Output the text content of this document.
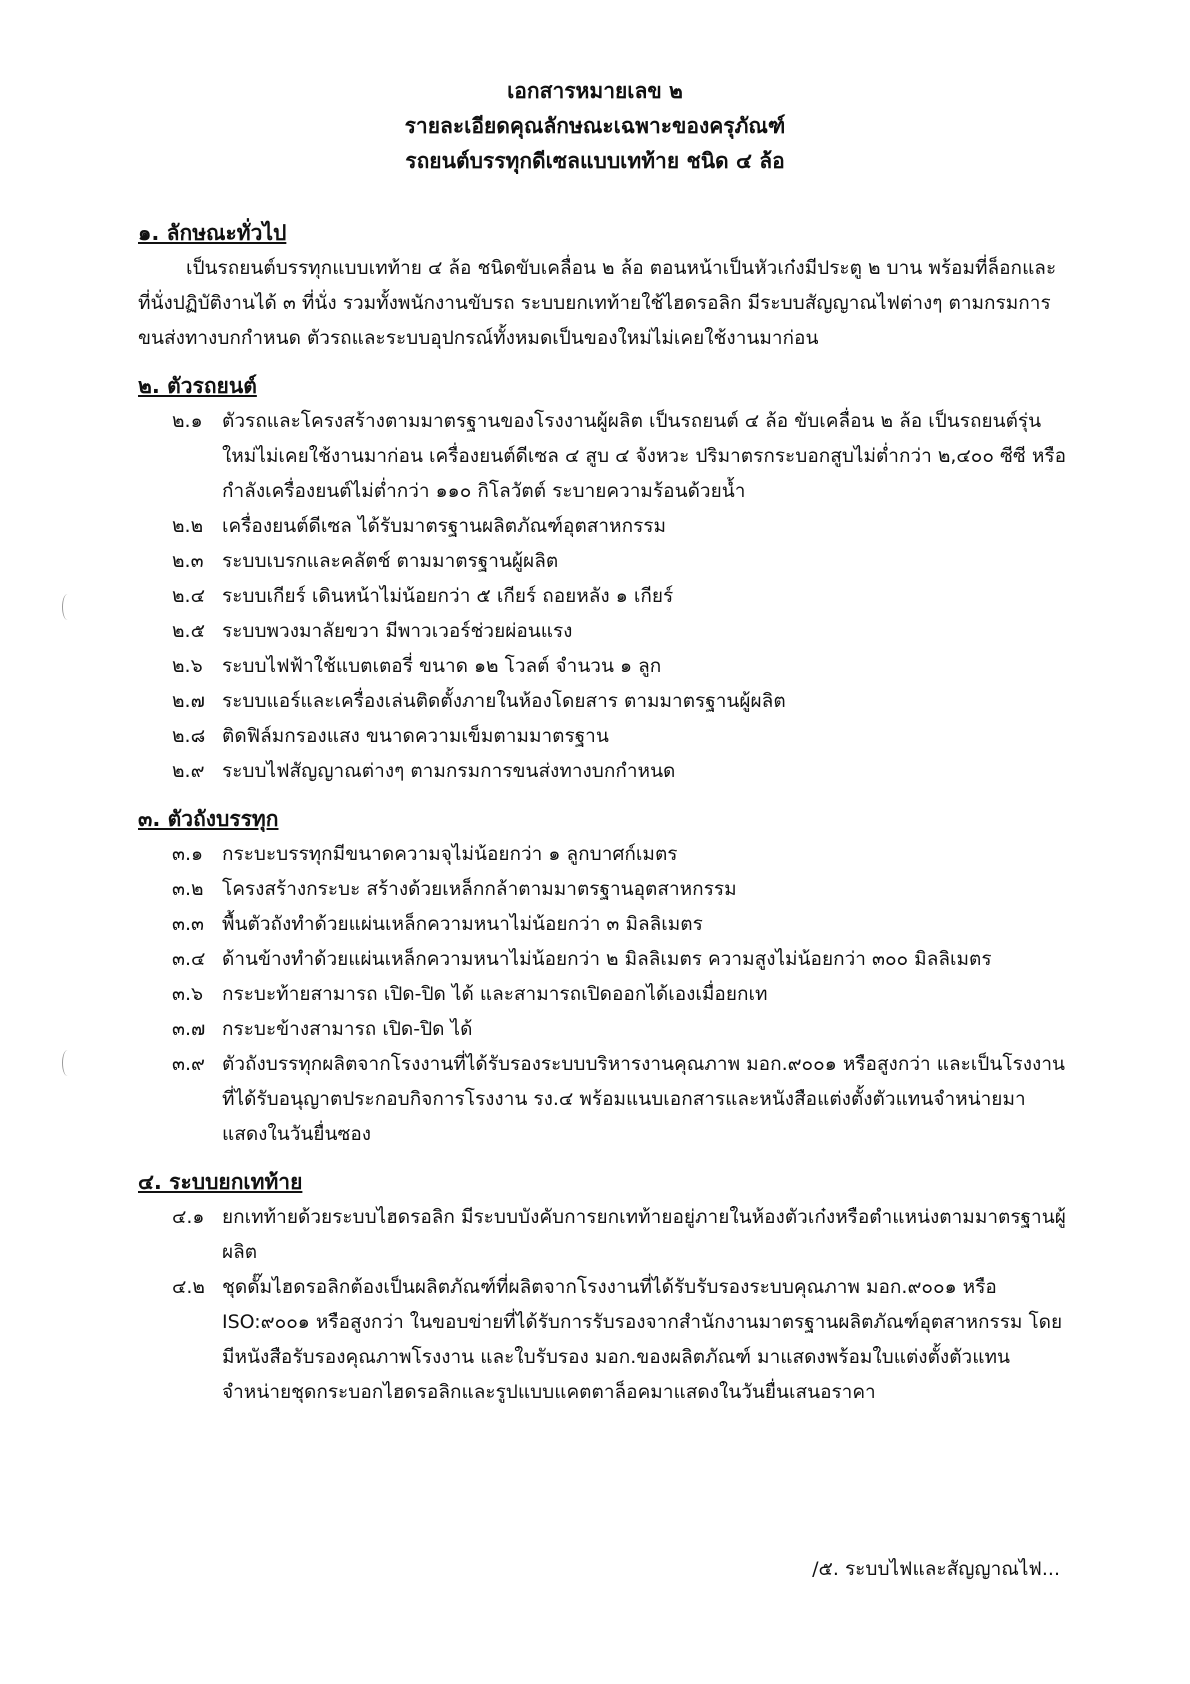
เอกสารหมายเลข ๒
รายละเอียดคุณลักษณะเฉพาะของครุภัณฑ์
รถยนต์บรรทุกดีเซลแบบเทท้าย ชนิด ๔ ล้อ
๑. ลักษณะทั่วไป
เป็นรถยนต์บรรทุกแบบเทท้าย ๔ ล้อ ชนิดขับเคลื่อน ๒ ล้อ ตอนหน้าเป็นหัวเก๋งมีประตู ๒ บาน พร้อมที่ล็อกและที่นั่งปฏิบัติงานได้ ๓ ที่นั่ง รวมทั้งพนักงานขับรถ ระบบยกเทท้ายใช้ไฮดรอลิก มีระบบสัญญาณไฟต่างๆ ตามกรมการขนส่งทางบกกำหนด ตัวรถและระบบอุปกรณ์ทั้งหมดเป็นของใหม่ไม่เคยใช้งานมาก่อน
๒. ตัวรถยนต์
๒.๑	ตัวรถและโครงสร้างตามมาตรฐานของโรงงานผู้ผลิต เป็นรถยนต์ ๔ ล้อ ขับเคลื่อน ๒ ล้อ เป็นรถยนต์รุ่นใหม่ไม่เคยใช้งานมาก่อน เครื่องยนต์ดีเซล ๔ สูบ ๔ จังหวะ ปริมาตรกระบอกสูบไม่ต่ำกว่า ๒,๔๐๐ ซีซี หรือกำลังเครื่องยนต์ไม่ต่ำกว่า ๑๑๐ กิโลวัตต์ ระบายความร้อนด้วยน้ำ
๒.๒ เครื่องยนต์ดีเซล ได้รับมาตรฐานผลิตภัณฑ์อุตสาหกรรม
๒.๓ ระบบเบรกและคลัตช์ ตามมาตรฐานผู้ผลิต
๒.๔ ระบบเกียร์ เดินหน้าไม่น้อยกว่า ๕ เกียร์ ถอยหลัง ๑ เกียร์
๒.๕ ระบบพวงมาลัยขวา มีพาวเวอร์ช่วยผ่อนแรง
๒.๖	ระบบไฟฟ้าใช้แบตเตอรี่ ขนาด ๑๒ โวลต์ จำนวน ๑ ลูก
๒.๗ ระบบแอร์และเครื่องเล่นติดตั้งภายในห้องโดยสาร ตามมาตรฐานผู้ผลิต
๒.๘ ติดฟิล์มกรองแสง ขนาดความเข็มตามมาตรฐาน
๒.๙ ระบบไฟสัญญาณต่างๆ ตามกรมการขนส่งทางบกกำหนด
๓. ตัวถังบรรทุก
๓.๑ กระบะบรรทุกมีขนาดความจุไม่น้อยกว่า ๑ ลูกบาศก์เมตร
๓.๒ โครงสร้างกระบะ สร้างด้วยเหล็กกล้าตามมาตรฐานอุตสาหกรรม
๓.๓ พื้นตัวถังทำด้วยแผ่นเหล็กความหนาไม่น้อยกว่า ๓ มิลลิเมตร
๓.๔ ด้านข้างทำด้วยแผ่นเหล็กความหนาไม่น้อยกว่า ๒ มิลลิเมตร ความสูงไม่น้อยกว่า ๓๐๐ มิลลิเมตร
๓.๖ กระบะท้ายสามารถ เปิด-ปิด ได้ และสามารถเปิดออกได้เองเมื่อยกเท
๓.๗ กระบะข้างสามารถ เปิด-ปิด ได้
๓.๙ ตัวถังบรรทุกผลิตจากโรงงานที่ได้รับรองระบบบริหารงานคุณภาพ มอก.๙๐๐๑ หรือสูงกว่า และเป็นโรงงานที่ได้รับอนุญาตประกอบกิจการโรงงาน รง.๔ พร้อมแนบเอกสารและหนังสือแต่งตั้งตัวแทนจำหน่ายมาแสดงในวันยื่นซอง
๔. ระบบยกเทท้าย
๔.๑ ยกเทท้ายด้วยระบบไฮดรอลิก มีระบบบังคับการยกเทท้ายอยู่ภายในห้องตัวเก๋งหรือตำแหน่งตามมาตรฐานผู้ผลิต
๔.๒ ชุดดั๊มไฮดรอลิกต้องเป็นผลิตภัณฑ์ที่ผลิตจากโรงงานที่ได้รับรับรองระบบคุณภาพ มอก.๙๐๐๑ หรือ ISO:๙๐๐๑ หรือสูงกว่า ในขอบข่ายที่ได้รับการรับรองจากสำนักงานมาตรฐานผลิตภัณฑ์อุตสาหกรรม โดยมีหนังสือรับรองคุณภาพโรงงาน และใบรับรอง มอก.ของผลิตภัณฑ์ มาแสดงพร้อมใบแต่งตั้งตัวแทนจำหน่ายชุดกระบอกไฮดรอลิกและรูปแบบแคตตาล็อคมาแสดงในวันยื่นเสนอราคา
/๕. ระบบไฟและสัญญาณไฟ...
